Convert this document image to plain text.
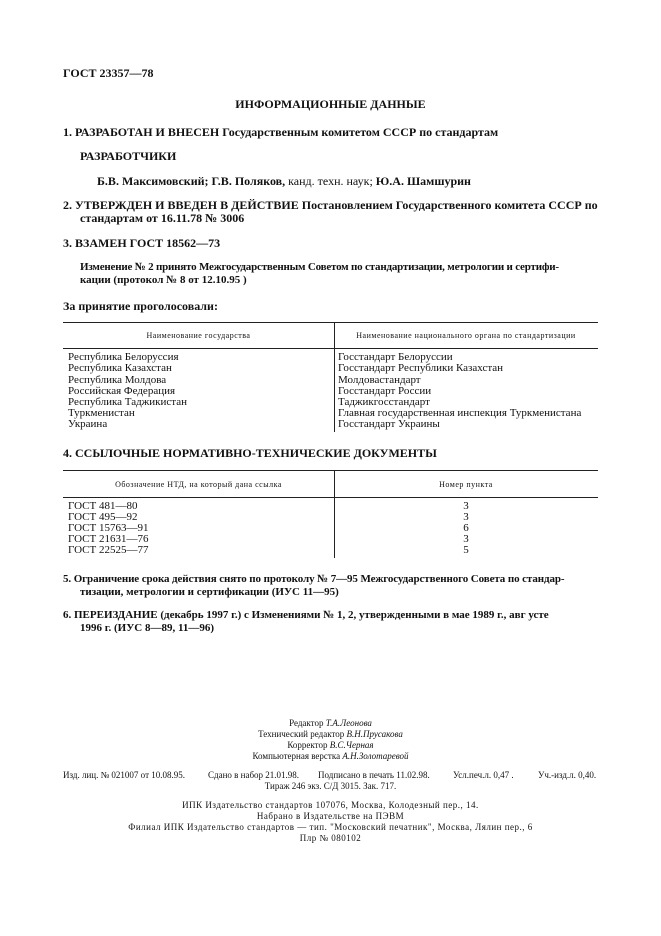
ГОСТ 23357—78
ИНФОРМАЦИОННЫЕ ДАННЫЕ
1. РАЗРАБОТАН И ВНЕСЕН Государственным комитетом СССР по стандартам
РАЗРАБОТЧИКИ
Б.В. Максимовский; Г.В. Поляков, канд. техн. наук; Ю.А. Шамшурин
2. УТВЕРЖДЕН И ВВЕДЕН В ДЕЙСТВИЕ Постановлением Государственного комитета СССР по
стандартам от 16.11.78 № 3006
3. ВЗАМЕН ГОСТ 18562—73
Изменение № 2 принято Межгосударственным Советом по стандартизации, метрологии и сертифи-
кации (протокол № 8 от 12.10.95 )
За принятие проголосовали:
Наименование государства	Наименование национального органа по стандартизации
Республика Белоруссия	Госстандарт Белоруссии
Республика Казахстан	Госстандарт Республики Казахстан
Республика Молдова	Молдовастандарт
Российская Федерация	Госстандарт России
Республика Таджикистан	Таджикгосстандарт
Туркменистан	Главная государственная инспекция Туркменистана
Украина	Госстандарт Украины
4. ССЫЛОЧНЫЕ НОРМАТИВНО-ТЕХНИЧЕСКИЕ ДОКУМЕНТЫ
Обозначение НТД, на который дана ссылка	Номер пункта
ГОСТ 481—80	3
ГОСТ 495—92	3
ГОСТ 15763—91	6
ГОСТ 21631—76	3
ГОСТ 22525—77	5
5. Ограничение срока действия снято по протоколу № 7—95 Межгосударственного Совета по стандар-
тизации, метрологии и сертификации (ИУС 11—95)
6. ПЕРЕИЗДАНИЕ (декабрь 1997 г.) с Изменениями № 1, 2, утвержденными в мае 1989 г., авг усте
1996 г. (ИУС 8—89, 11—96)
Редактор Т.А.Леонова
Технический редактор В.Н.Прусакова
Корректор В.С.Черная
Компьютерная верстка А.Н.Золотаревой
Изд. лиц. № 021007 от 10.08.95.	Сдано в набор 21.01.98. Подписано в печать 11.02.98.	Усл.печ.л. 0,47 .	Уч.-изд.л. 0,40.
Тираж 246 экз. С/Д 3015. Зак. 717.
ИПК Издательство стандартов 107076, Москва, Колодезный пер., 14.
Набрано в Издательстве на ПЭВМ
Филиал ИПК Издательство стандартов — тип. "Московский печатник", Москва, Лялин пер., 6
Плр № 080102
